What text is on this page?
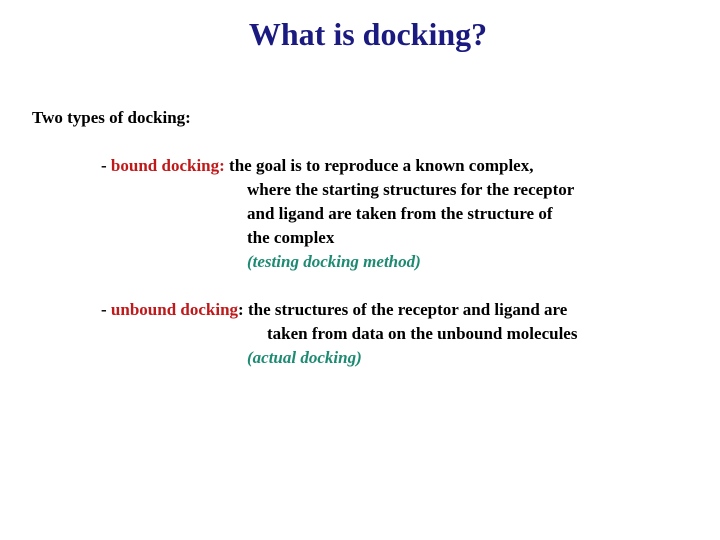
What is docking?
Two types of docking:
- bound docking: the goal is to reproduce a known complex,
where the starting structures for the receptor
and ligand are taken from the structure of
the complex
(testing docking method)
- unbound docking: the structures of the receptor and ligand are
taken from data on the unbound molecules
(actual docking)
